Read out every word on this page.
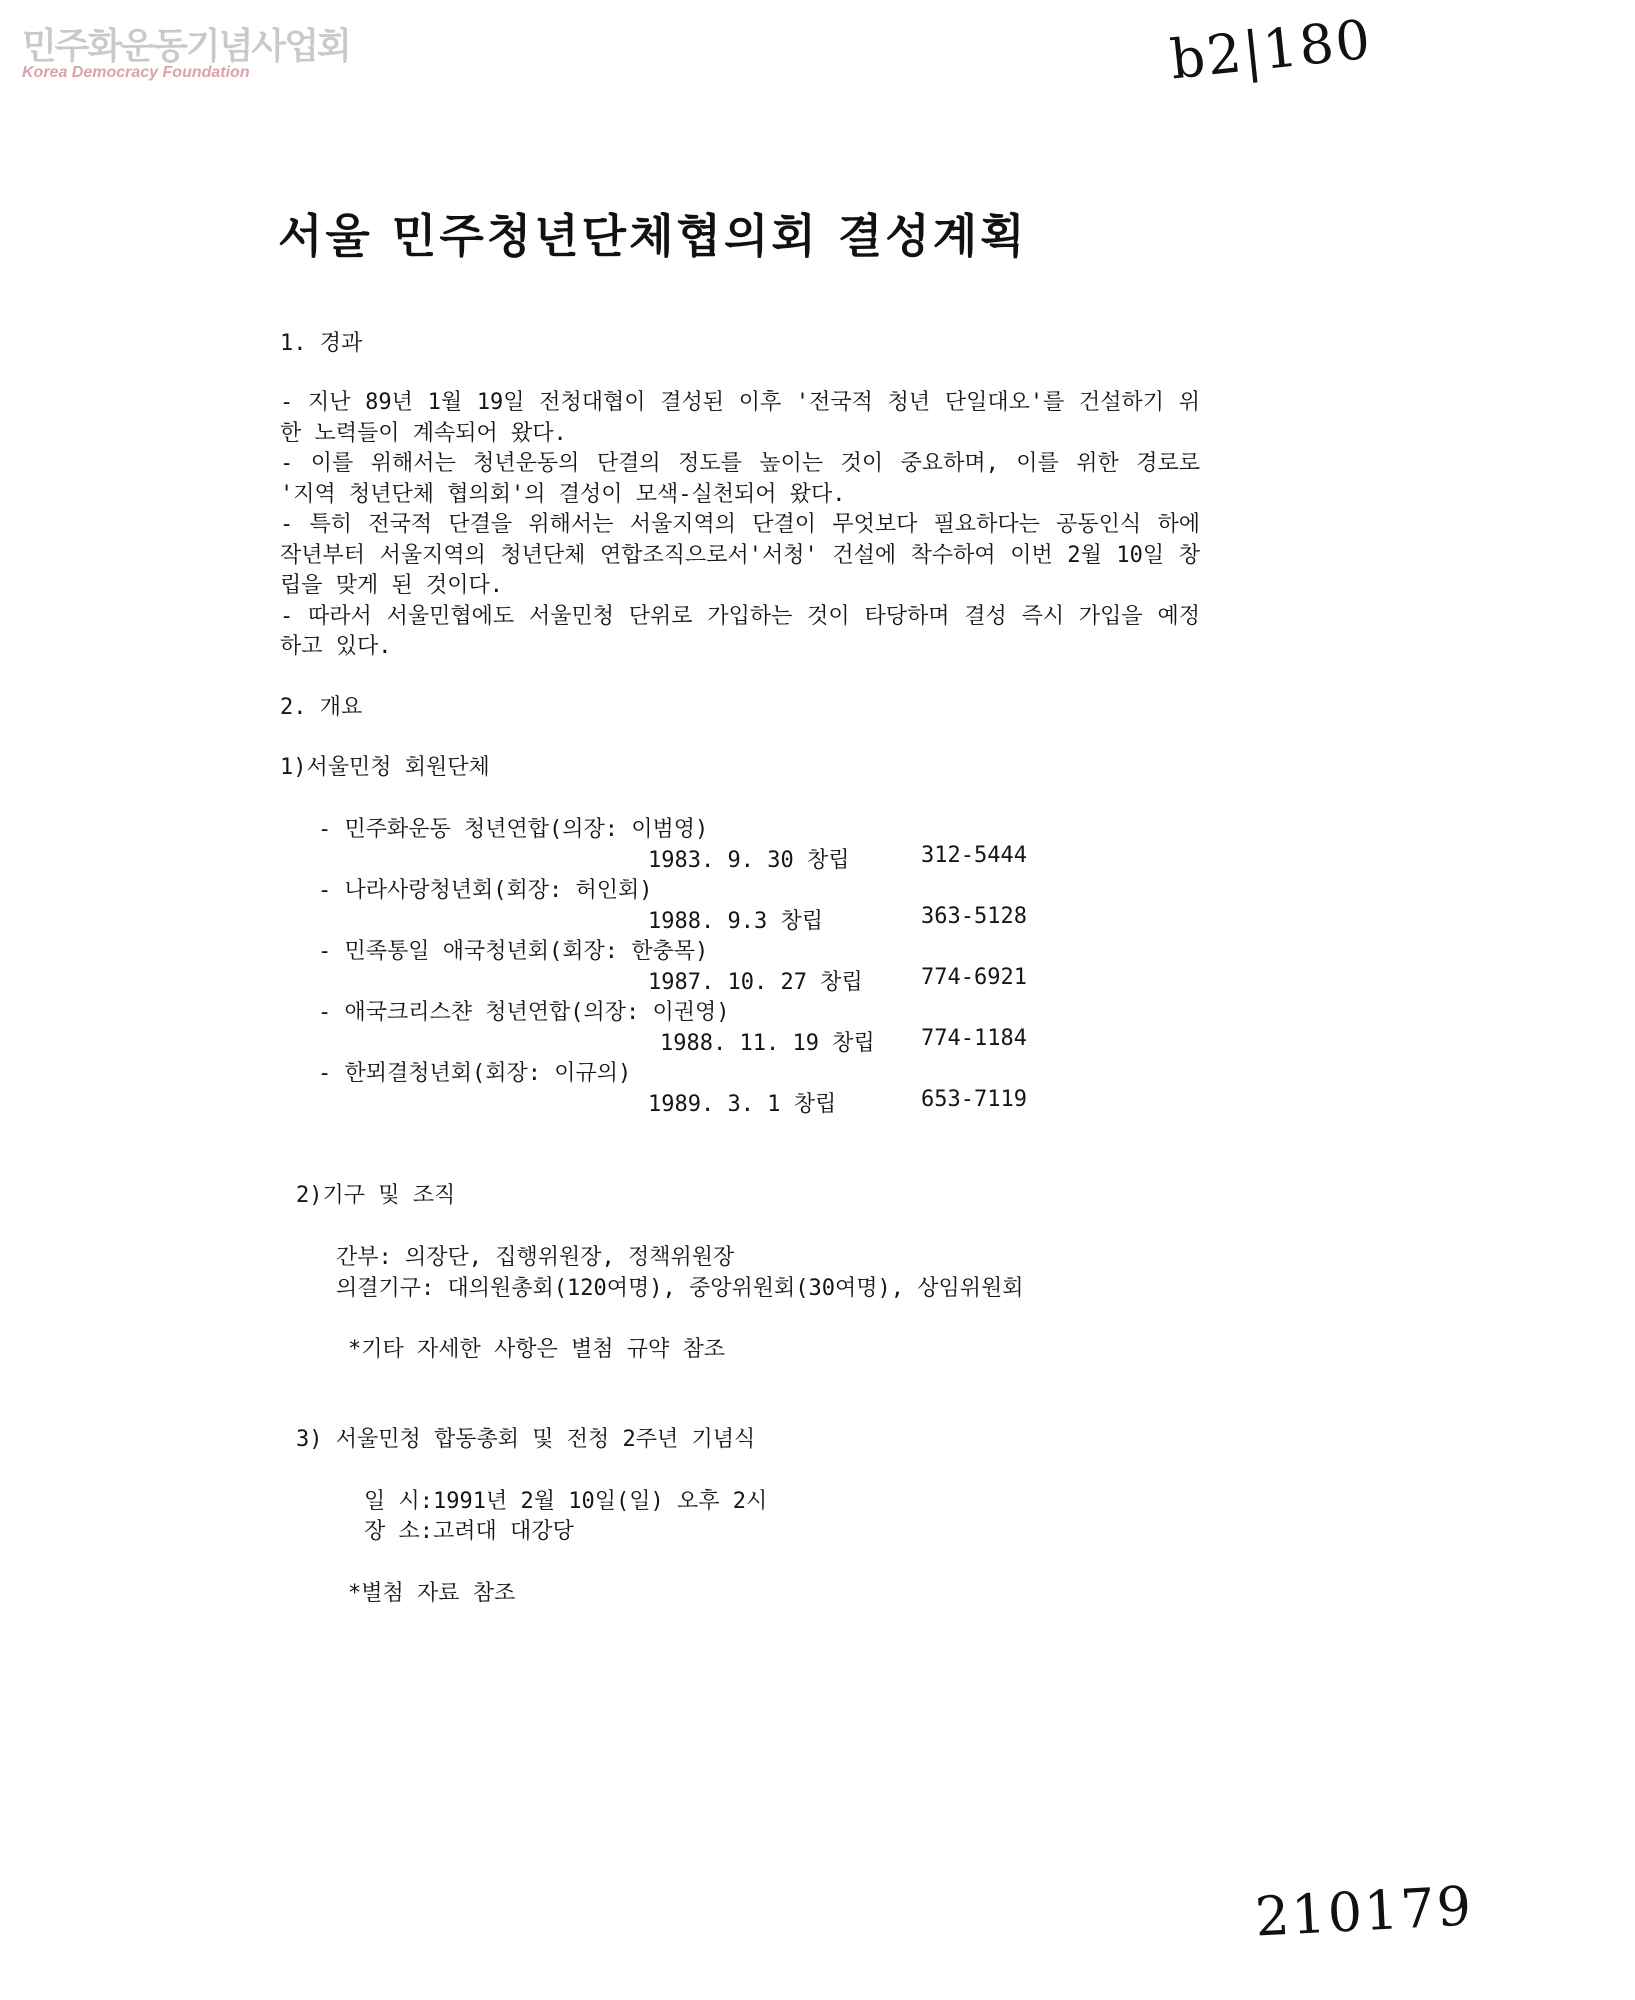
민주화운동기념사업회
Korea Democracy Foundation	b2|180
210179
서울 민주청년단체협의회 결성계획
1. 경과

- 지난 89년 1월 19일 전청대협이 결성된 이후 '전국적 청년 단일대오'를 건설하기 위한 노력들이 계속되어 왔다.

- 이를 위해서는 청년운동의 단결의 정도를 높이는 것이 중요하며, 이를 위한 경로로 '지역 청년단체 협의회'의 결성이 모색-실천되어 왔다.

- 특히 전국적 단결을 위해서는 서울지역의 단결이 무엇보다 필요하다는 공동인식 하에 작년부터 서울지역의 청년단체 연합조직으로서'서청' 건설에 착수하여 이번 2월 10일 창립을 맞게 된 것이다.

- 따라서 서울민협에도 서울민청 단위로 가입하는 것이 타당하며 결성 즉시 가입을 예정하고 있다.

2. 개요
1)서울민청 회원단체
- 민주화운동 청년연합(의장: 이범영)
1983. 9. 30 창립	312-5444
- 나라사랑청년회(회장: 허인회)
1988. 9.3 창립	363-5128
- 민족통일 애국청년회(회장: 한충목)
1987. 10. 27 창립	774-6921
- 애국크리스챤 청년연합(의장: 이권영)
1988. 11. 19 창립 774-1184
- 한뫼결청년회(회장: 이규의)
1989. 3. 1 창립	653-7119
2)기구 및 조직
간부: 의장단, 집행위원장, 정책위원장
의결기구: 대의원총회(120여명), 중앙위원회(30여명), 상임위원회
*기타 자세한 사항은 별첨 규약 참조
3) 서울민청 합동총회 및 전청 2주년 기념식
일 시:1991년 2월 10일(일) 오후 2시
장 소:고려대 대강당
*별첨 자료 참조
